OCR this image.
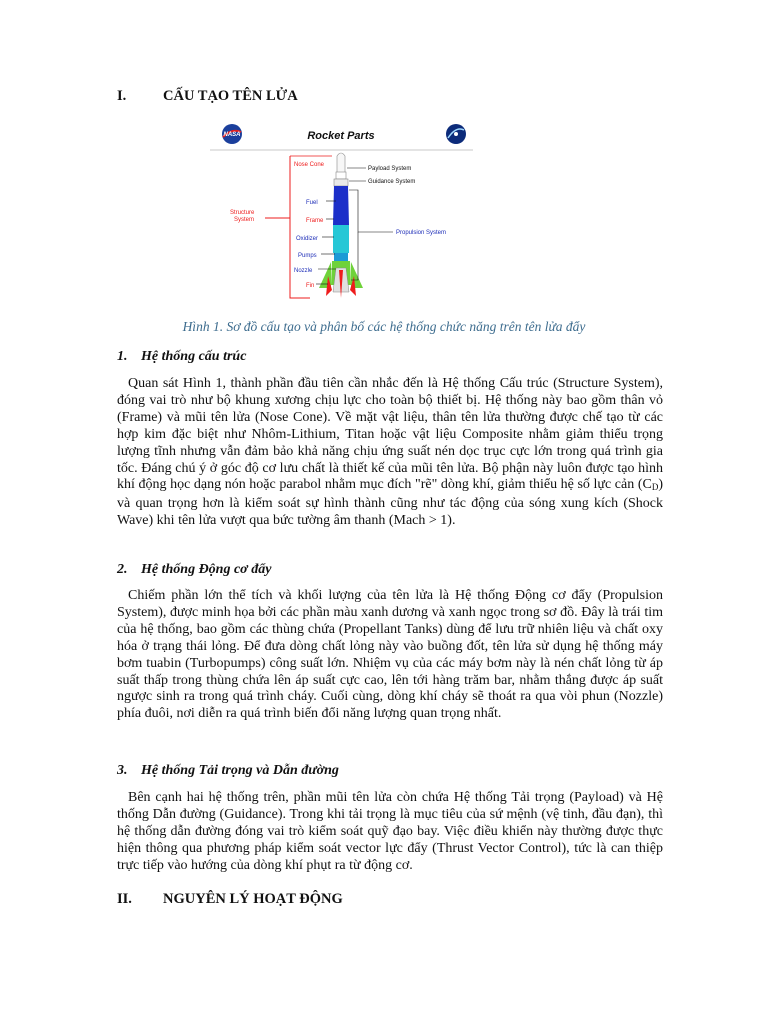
I.	CẤU TẠO TÊN LỬA
NASA	Rocket Parts
Nose Cone
Fuel
Frame
Oxidizer
Pumps
Nozzle
Fin
Structure
System
Payload System
Guidance System
Propulsion System
Hình 1. Sơ đồ cấu tạo và phân bố các hệ thống chức năng trên tên lửa đẩy
1. Hệ thống cấu trúc

Quan sát Hình 1, thành phần đầu tiên cần nhắc đến là Hệ thống Cấu trúc (Structure System), đóng vai trò như bộ khung xương chịu lực cho toàn bộ thiết bị. Hệ thống này bao gồm thân vỏ (Frame) và mũi tên lửa (Nose Cone). Về mặt vật liệu, thân tên lửa thường được chế tạo từ các hợp kim đặc biệt như Nhôm-Lithium, Titan hoặc vật liệu Composite nhằm giảm thiểu trọng lượng tĩnh nhưng vẫn đảm bảo khả năng chịu ứng suất nén dọc trục cực lớn trong quá trình gia tốc. Đáng chú ý ở góc độ cơ lưu chất là thiết kế của mũi tên lửa. Bộ phận này luôn được tạo hình khí động học dạng nón hoặc parabol nhằm mục đích "rẽ" dòng khí, giảm thiểu hệ số lực cản $(C_D)$ và quan trọng hơn là kiểm soát sự hình thành cũng như tác động của sóng xung kích (Shock Wave) khi tên lửa vượt qua bức tường âm thanh (Mach > 1).

2. Hệ thống Động cơ đẩy

Chiếm phần lớn thể tích và khối lượng của tên lửa là Hệ thống Động cơ đẩy (Propulsion System), được minh họa bởi các phần màu xanh dương và xanh ngọc trong sơ đồ. Đây là trái tim của hệ thống, bao gồm các thùng chứa (Propellant Tanks) dùng để lưu trữ nhiên liệu và chất oxy hóa ở trạng thái lỏng. Để đưa dòng chất lỏng này vào buồng đốt, tên lửa sử dụng hệ thống máy bơm tuabin (Turbopumps) công suất lớn. Nhiệm vụ của các máy bơm này là nén chất lỏng từ áp suất thấp trong thùng chứa lên áp suất cực cao, lên tới hàng trăm bar, nhằm thắng được áp suất ngược sinh ra trong quá trình cháy. Cuối cùng, dòng khí cháy sẽ thoát ra qua vòi phun (Nozzle) phía đuôi, nơi diễn ra quá trình biến đổi năng lượng quan trọng nhất.

3. Hệ thống Tải trọng và Dẫn đường

Bên cạnh hai hệ thống trên, phần mũi tên lửa còn chứa Hệ thống Tải trọng (Payload) và Hệ thống Dẫn đường (Guidance). Trong khi tải trọng là mục tiêu của sứ mệnh (vệ tinh, đầu đạn), thì hệ thống dẫn đường đóng vai trò kiểm soát quỹ đạo bay. Việc điều khiển này thường được thực hiện thông qua phương pháp kiểm soát vector lực đẩy (Thrust Vector Control), tức là can thiệp trực tiếp vào hướng của dòng khí phụt ra từ động cơ.

II. NGUYÊN LÝ HOẠT ĐỘNG
